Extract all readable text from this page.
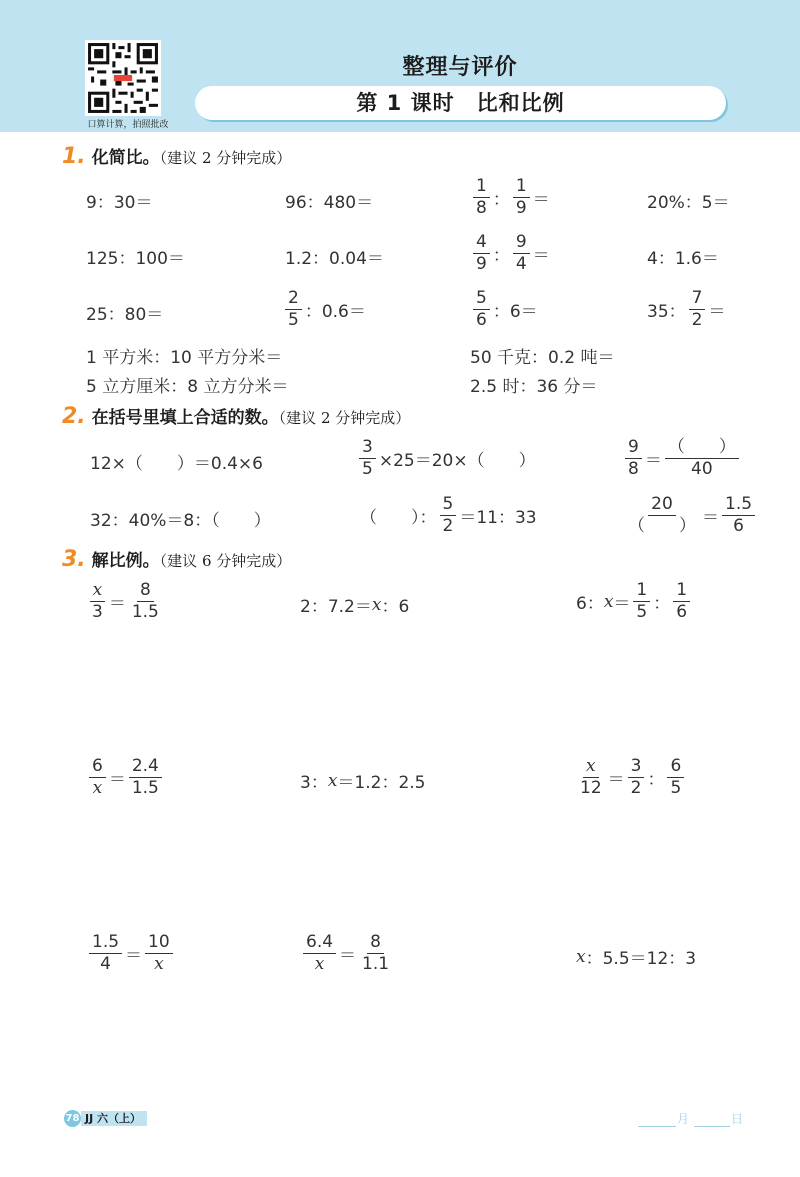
口算计算，拍照批改
整理与评价
第 1 课时　比和比例
1. 化简比。（建议 2 分钟完成）
9：30＝	96：480＝	$\frac{1}{8}$ ： $\frac{1}{9}$ ＝	20%：5＝
125：100＝	1.2：0.04＝	$\frac{4}{9}$ ： $\frac{9}{4}$ ＝	4：1.6＝
25：80＝	$\frac{2}{5}$ ：0.6＝	$\frac{5}{6}$ ：6＝	35： $\frac{7}{2}$ ＝
1 平方米：10 平方分米＝	50 千克：0.2 吨＝
5 立方厘米：8 立方分米＝	2.5 时：36 分＝
2. 在括号里填上合适的数。（建议 2 分钟完成）
12×（　　）＝0.4×6	$\frac{3}{5} \times 25=20\times$（　　）	$\frac{9}{8} = \frac{( )}{40}$
32：40%＝8：（　　）	（　　）： $\frac{5}{2} =11$：33	$\frac{20}{( )} = \frac{1.5}{6}$
3. 解比例。（建议 6 分钟完成）
$\frac{x}{3} = \frac{8}{1.5}$	2：7.2＝ x ：6	6： $x = \frac{1}{5}$ ： $\frac{1}{6}$
$\frac{6}{x} = \frac{2.4}{1.5}$	3： x ＝1.2：2.5	$\frac{x}{12} = \frac{3}{2}$ ： $\frac{6}{5}$
$\frac{1.5}{4} = \frac{10}{x}$	$\frac{6.4}{x} = \frac{8}{1.1}$	x ：5.5＝12：3
78 JJ 六（上）	月	日
